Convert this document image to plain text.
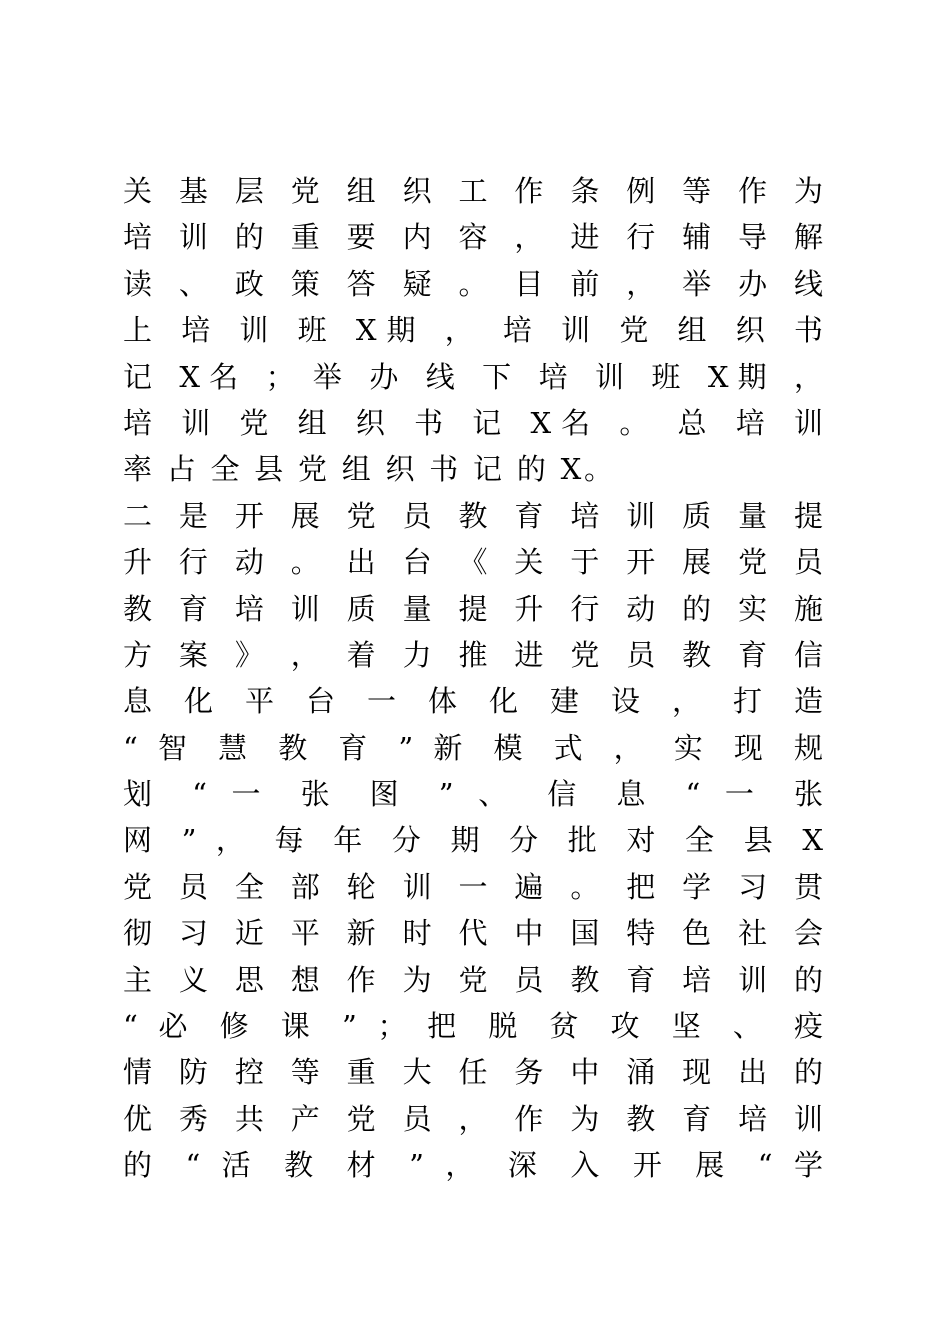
关 基 层 党 组 织 工 作 条 例 等 作 为
培 训 的 重 要 内 容 ， 进 行 辅 导 解
读 、 政 策 答 疑 。 目 前 ， 举 办 线
上 培 训 班 X期 ， 培 训 党 组 织 书
记 X名 ； 举 办 线 下 培 训 班 X期 ，
培 训 党 组 织 书 记 X名 。 总 培 训
率 占 全 县 党 组 织 书 记 的 X。
二 是 开 展 党 员 教 育 培 训 质 量 提
升 行 动 。 出 台 《 关 于 开 展 党 员
教 育 培 训 质 量 提 升 行 动 的 实 施
方 案 》 ， 着 力 推 进 党 员 教 育 信
息 化 平 台 一 体 化 建 设 ， 打 造
“ 智 慧 教 育 ” 新 模 式 ， 实 现 规
划 “ 一 张 图 ” 、 信 息 “ 一 张
网 ” ， 每 年 分 期 分 批 对 全 县 X
党 员 全 部 轮 训 一 遍 。 把 学 习 贯
彻 习 近 平 新 时 代 中 国 特 色 社 会
主 义 思 想 作 为 党 员 教 育 培 训 的
“ 必 修 课 ” ； 把 脱 贫 攻 坚 、 疫
情 防 控 等 重 大 任 务 中 涌 现 出 的
优 秀 共 产 党 员 ， 作 为 教 育 培 训
的 “ 活 教 材 ” ， 深 入 开 展 “ 学
